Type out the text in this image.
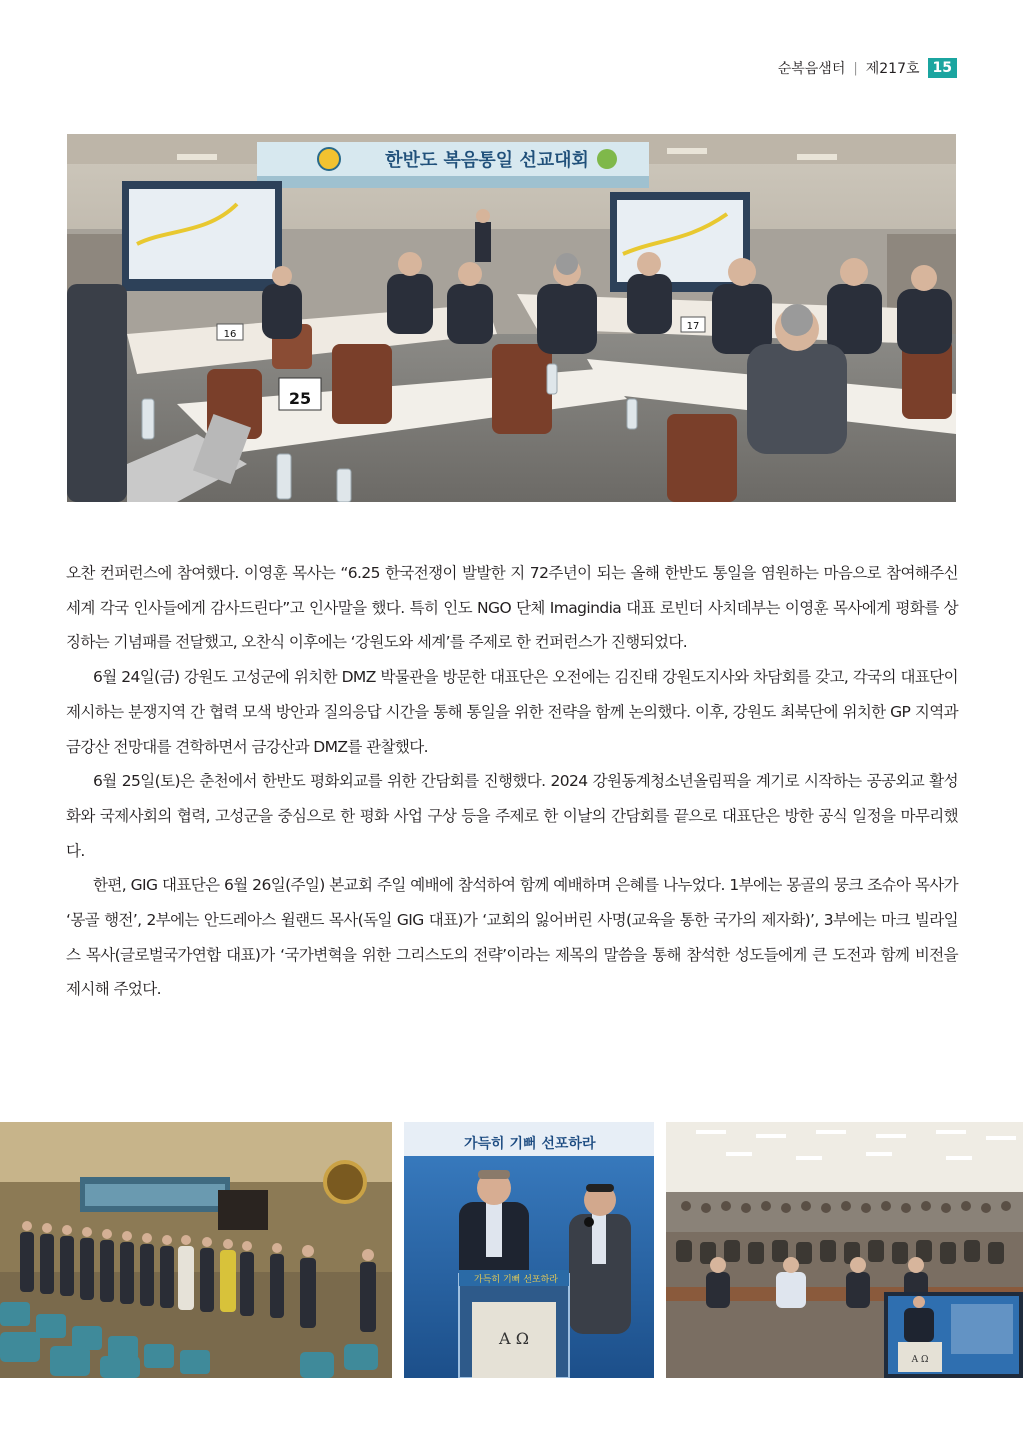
순복음샘터 | 제217호 15
한반도 복음통일 선교대회
25
16
17

오찬 컨퍼런스에 참여했다. 이영훈 목사는 “6.25 한국전쟁이 발발한 지 72주년이 되는 올해 한반도 통일을 염원하는 마음으로 참여해주신 세계 각국 인사들에게 감사드린다”고 인사말을 했다. 특히 인도 NGO 단체 Imagindia 대표 로빈더 사치데부는 이영훈 목사에게 평화를 상징하는 기념패를 전달했고, 오찬식 이후에는 ‘강원도와 세계’를 주제로 한 컨퍼런스가 진행되었다.

6월 24일(금) 강원도 고성군에 위치한 DMZ 박물관을 방문한 대표단은 오전에는 김진태 강원도지사와 차담회를 갖고, 각국의 대표단이 제시하는 분쟁지역 간 협력 모색 방안과 질의응답 시간을 통해 통일을 위한 전략을 함께 논의했다. 이후, 강원도 최북단에 위치한 GP 지역과 금강산 전망대를 견학하면서 금강산과 DMZ를 관찰했다.

6월 25일(토)은 춘천에서 한반도 평화외교를 위한 간담회를 진행했다. 2024 강원동계청소년올림픽을 계기로 시작하는 공공외교 활성화와 국제사회의 협력, 고성군을 중심으로 한 평화 사업 구상 등을 주제로 한 이날의 간담회를 끝으로 대표단은 방한 공식 일정을 마무리했다.

한편, GIG 대표단은 6월 26일(주일) 본교회 주일 예배에 참석하여 함께 예배하며 은혜를 나누었다. 1부에는 몽골의 뭉크 조슈아 목사가 ‘몽골 행전’, 2부에는 안드레아스 윌랜드 목사(독일 GIG 대표)가 ‘교회의 잃어버린 사명(교육을 통한 국가의 제자화)’, 3부에는 마크 빌라일스 목사(글로벌국가연합 대표)가 ‘국가변혁을 위한 그리스도의 전략’이라는 제목의 말씀을 통해 참석한 성도들에게 큰 도전과 함께 비전을 제시해 주었다.

가득히 기뻐 선포하라
가득히 기뻐 선포하라
A Ω
A Ω
